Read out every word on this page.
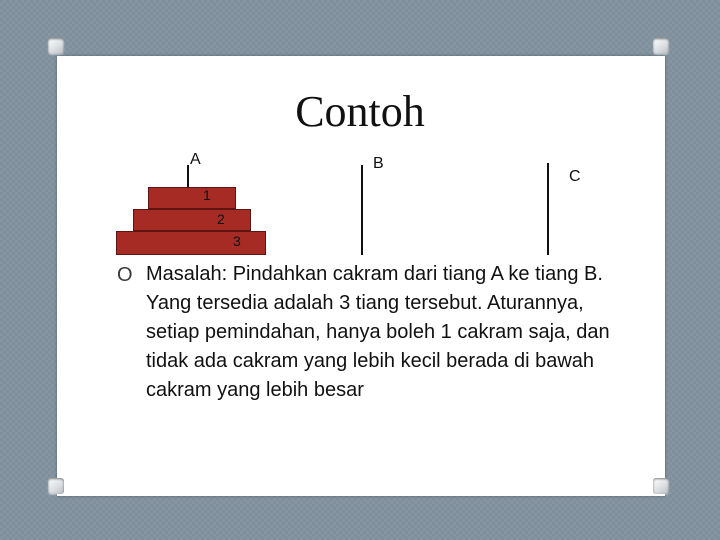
Contoh
A
1
2
3
B
C
O Masalah: Pindahkan cakram dari tiang A ke tiang B. Yang tersedia adalah 3 tiang tersebut. Aturannya, setiap pemindahan, hanya boleh 1 cakram saja, dan tidak ada cakram yang lebih kecil berada di bawah cakram yang lebih besar
